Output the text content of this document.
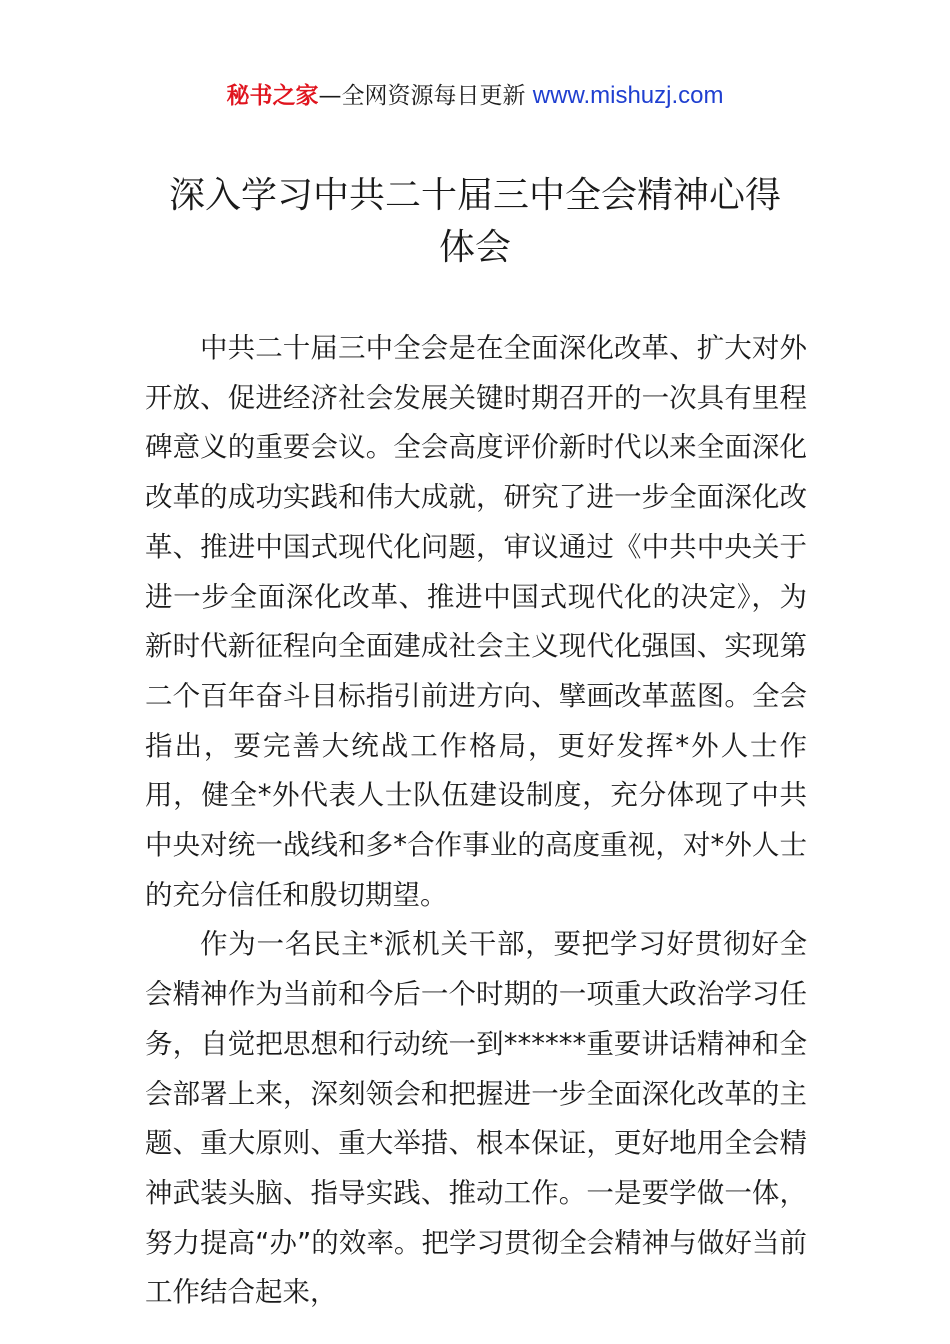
秘书之家—全网资源每日更新 www.mishuzj.com
深入学习中共二十届三中全会精神心得
体会

中共二十届三中全会是在全面深化改革、扩大对外开放、促进经济社会发展关键时期召开的一次具有里程碑意义的重要会议。全会高度评价新时代以来全面深化改革的成功实践和伟大成就，研究了进一步全面深化改革、推进中国式现代化问题，审议通过《中共中央关于进一步全面深化改革、推进中国式现代化的决定》，为新时代新征程向全面建成社会主义现代化强国、实现第二个百年奋斗目标指引前进方向、擘画改革蓝图。全会指出，要完善大统战工作格局，更好发挥*外人士作用，健全*外代表人士队伍建设制度，充分体现了中共中央对统一战线和多*合作事业的高度重视，对*外人士的充分信任和殷切期望。

作为一名民主*派机关干部，要把学习好贯彻好全会精神作为当前和今后一个时期的一项重大政治学习任务，自觉把思想和行动统一到******重要讲话精神和全会部署上来，深刻领会和把握进一步全面深化改革的主题、重大原则、重大举措、根本保证，更好地用全会精神武装头脑、指导实践、推动工作。一是要学做一体，努力提高“办”的效率。把学习贯彻全会精神与做好当前工作结合起来，
